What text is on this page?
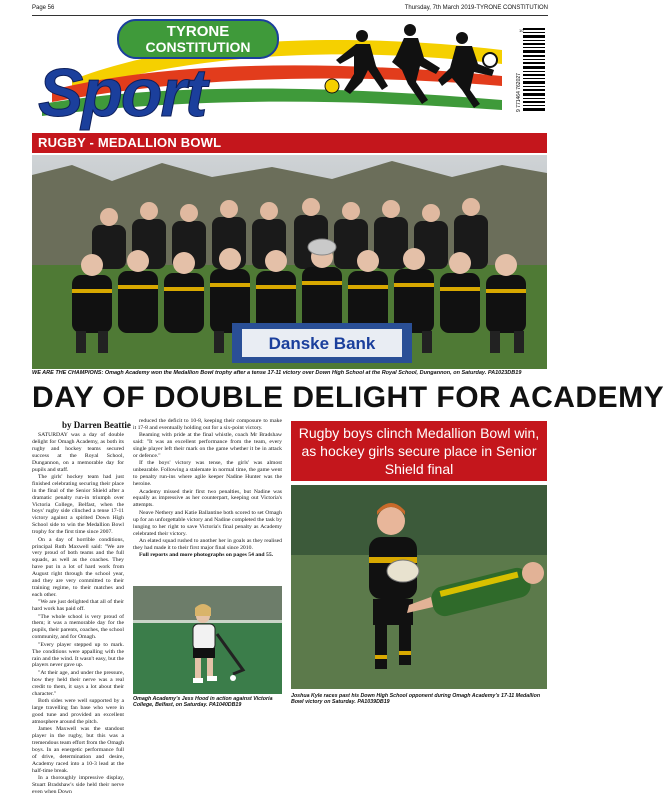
Page 56	Thursday, 7th March 2019-TYRONE CONSTITUTION
TYRONE
CONSTITUTION
Sport	9 771464 762027
10
RUGBY - MEDALLION BOWL
Danske Bank
WE ARE THE CHAMPIONS: Omagh Academy won the Medallion Bowl trophy after a tense 17-11 victory over Down High School at the Royal School, Dungannon, on Saturday. PA1023DB19
DAY OF DOUBLE DELIGHT FOR ACADEMY
by Darren Beattie

SATURDAY was a day of double delight for Omagh Academy, as both its rugby and hockey teams secured success at the Royal School, Dungannon, on a memorable day for pupils and staff.

The girls' hockey team had just finished celebrating securing their place in the final of the Senior Shield after a dramatic penalty run-in triumph over Victoria College, Belfast, when the boys' rugby side clinched a tense 17-11 victory against a spirited Down High School side to win the Medallion Bowl trophy for the first time since 2007.

On a day of horrible conditions, principal Ruth Maxwell said: "We are very proud of both teams and the full squads, as well as the coaches. They have put in a lot of hard work from August right through the school year, and they are very committed to their training regime, to their matches and each other.

"We are just delighted that all of their hard work has paid off.

"The whole school is very proud of them; it was a memorable day for the pupils, their parents, coaches, the school community, and for Omagh.

"Every player stepped up to mark. The conditions were appalling with the rain and the wind. It wasn't easy, but the players never gave up.

"At their age, and under the pressure, how they held their nerve was a real credit to them, it says a lot about their character."

Both sides were well supported by a large travelling fan base who were in good tune and provided an excellent atmosphere around the pitch.

James Maxwell was the standout player in the rugby, but this was a tremendous team effort from the Omagh boys. In an energetic performance full of drive, determination and desire, Academy raced into a 10-3 lead at the half-time break.

In a thoroughly impressive display, Stuart Bradshaw's side held their nerve even when Down

reduced the deficit to 10-8, keeping their composure to make it 17-8 and eventually holding out for a six-point victory.

Beaming with pride at the final whistle, coach Mr Bradshaw said: "It was an excellent performance from the team, every single player left their mark on the game whether it be in attack or defence."

If the boys' victory was tense, the girls' was almost unbearable. Following a stalemate in normal time, the game went to penalty run-ins where agile keeper Nadine Hunter was the heroine.

Academy missed their first two penalties, but Nadine was equally as impressive as her counterpart, keeping out Victoria's attempts.

Neave Nethery and Katie Ballantine both scored to set Omagh up for an unforgettable victory and Nadine completed the task by lunging to her right to save Victoria's final penalty as Academy celebrated their victory.

An elated squad rushed to another her in goals as they realised they had made it to their first major final since 2010.

Full reports and more photographs on pages 54 and 55.

Omagh Academy's Jess Hood in action against Victoria College, Belfast, on Saturday. PA1040DB19
Rugby boys clinch Medallion Bowl win, as hockey girls secure place in Senior Shield final
Joshua Kyle races past his Down High School opponent during Omagh Academy's 17-11 Medallion Bowl victory on Saturday. PA1039DB19
